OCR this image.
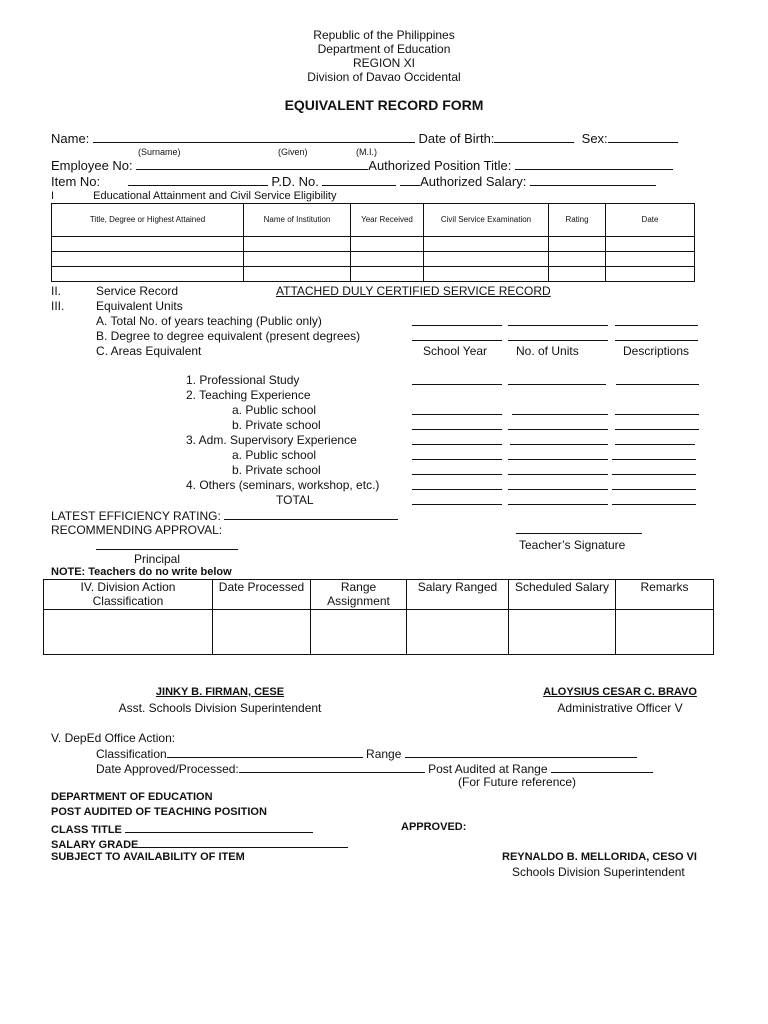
Republic of the Philippines
Department of Education
REGION XI
Division of Davao Occidental
EQUIVALENT RECORD FORM
Name:	Date of Birth:	Sex:
(Surname)	(Given)	(M.I.)
Employee No:	Authorized Position Title:
Item No:	P.D. No.	Authorized Salary:
I	Educational Attainment and Civil Service Eligibility
Title, Degree or Highest Attained	Name of Institution	Year Received	Civil Service Examination	Rating	Date

II.	Service Record	ATTACHED DULY CERTIFIED SERVICE RECORD
III.	Equivalent Units
A. Total No. of years teaching (Public only)
B. Degree to degree equivalent (present degrees)
C. Areas Equivalent	School Year No. of Units	Descriptions
1. Professional Study
2. Teaching Experience
a. Public school
b. Private school
3. Adm. Supervisory Experience
a. Public school
b. Private school
4. Others (seminars, workshop, etc.)
TOTAL
LATEST EFFICIENCY RATING:
RECOMMENDING APPROVAL:
Principal
Teacher’s Signature
NOTE: Teachers do no write below
IV. Division Action Classification	Date Processed	Range Assignment	Salary Ranged	Scheduled Salary	Remarks

JINKY B. FIRMAN, CESE
Asst. Schools Division Superintendent
ALOYSIUS CESAR C. BRAVO
Administrative Officer V
V. DepEd Office Action:
Classification	Range
Date Approved/Processed:	Post Audited at Range
(For Future reference)
DEPARTMENT OF EDUCATION
POST AUDITED OF TEACHING POSITION
CLASS TITLE
SALARY GRADE
SUBJECT TO AVAILABILITY OF ITEM
APPROVED:
REYNALDO B. MELLORIDA, CESO VI
Schools Division Superintendent
